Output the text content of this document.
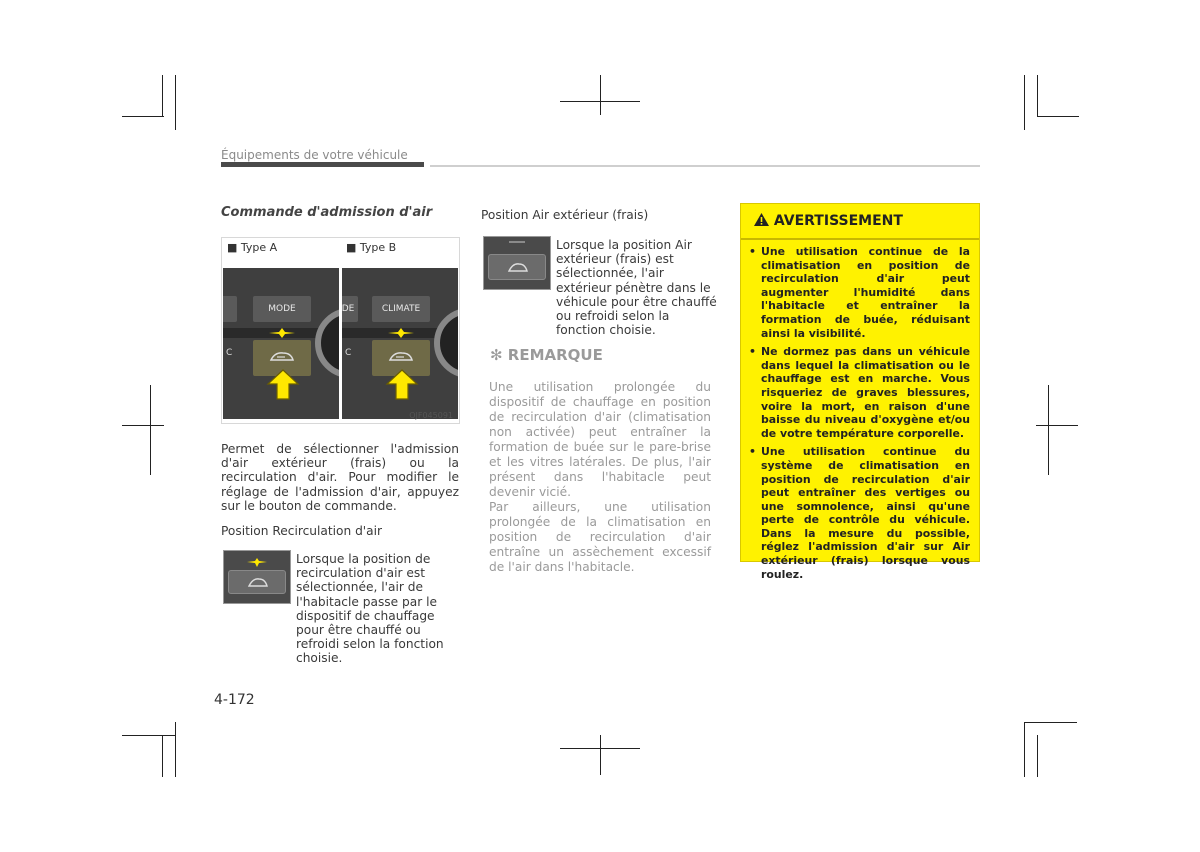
Équipements de votre véhicule
Commande d'admission d'air
■ Type A	■ Type B
MODE
C
DE	CLIMATE
C
OJF045091
Permet de sélectionner l'admission d'air extérieur (frais) ou la recirculation d'air. Pour modifier le réglage de l'admission d'air, appuyez sur le bouton de commande.
Position Recirculation d'air
Lorsque la position de recirculation d'air est sélectionnée, l'air de l'habitacle passe par le dispositif de chauffage pour être chauffé ou refroidi selon la fonction choisie.
Position Air extérieur (frais)
Lorsque la position Air extérieur (frais) est sélectionnée, l'air extérieur pénètre dans le véhicule pour être chauffé ou refroidi selon la fonction choisie.
✻ REMARQUE
Une utilisation prolongée du dispositif de chauffage en position de recirculation d'air (climatisation non activée) peut entraîner la formation de buée sur le pare-brise et les vitres latérales. De plus, l'air présent dans l'habitacle peut devenir vicié.
Par ailleurs, une utilisation prolongée de la climatisation en position de recirculation d'air entraîne un assèchement excessif de l'air dans l'habitacle.
AVERTISSEMENT
• Une utilisation continue de la climatisation en position de recirculation d'air peut augmenter l'humidité dans l'habitacle et entraîner la formation de buée, réduisant ainsi la visibilité.
• Ne dormez pas dans un véhicule dans lequel la climatisation ou le chauffage est en marche. Vous risqueriez de graves blessures, voire la mort, en raison d'une baisse du niveau d'oxygène et/ou de votre température corporelle.
• Une utilisation continue du système de climatisation en position de recirculation d'air peut entraîner des vertiges ou une somnolence, ainsi qu'une perte de contrôle du véhicule. Dans la mesure du possible, réglez l'admission d'air sur Air extérieur (frais) lorsque vous roulez.
4-172
